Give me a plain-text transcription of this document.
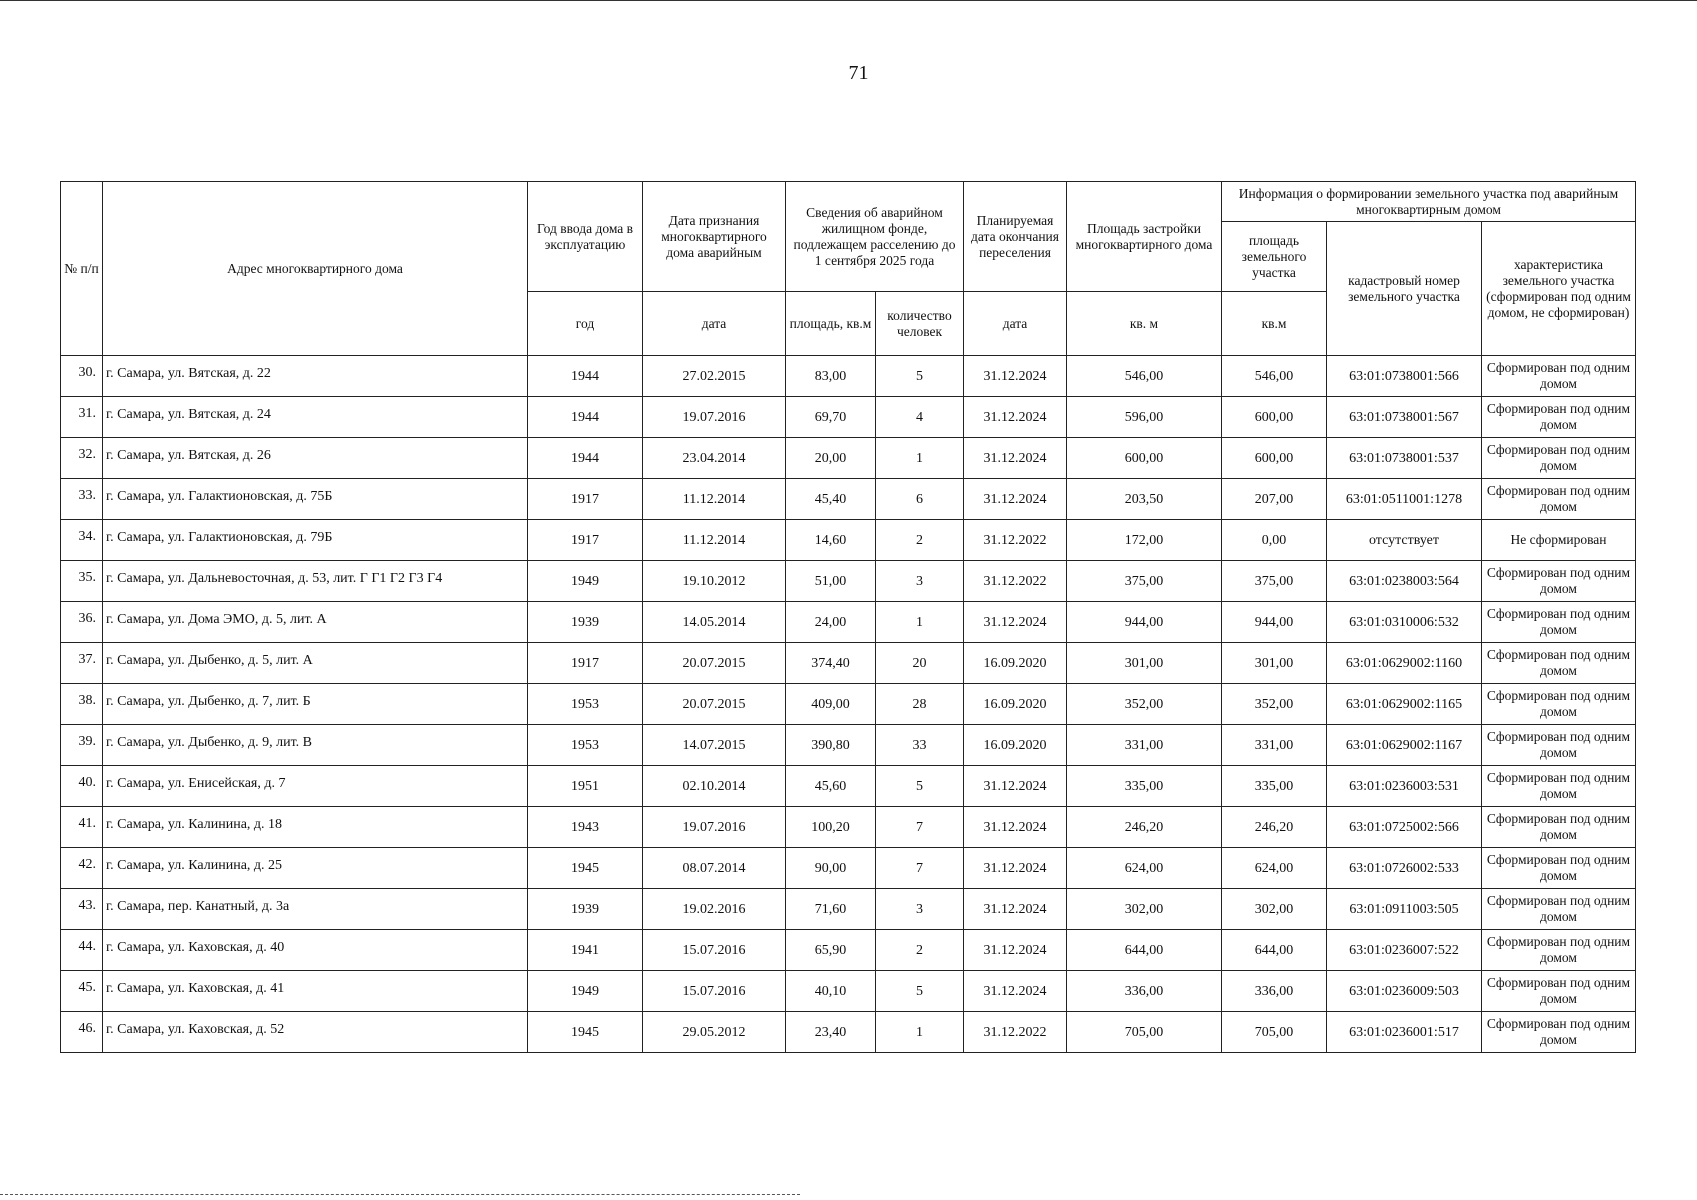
71
№ п/п	Адрес многоквартирного дома	Год ввода дома в эксплуатацию	Дата признания многоквартирного дома аварийным	Сведения об аварийном жилищном фонде, подлежащем расселению до 1 сентября 2025 года		Планируемая дата окончания переселения	Площадь застройки многоквартирного дома	Информация о формировании земельного участка под аварийным многоквартирным домом		
								площадь земельного участка	кадастровый номер земельного участка	характеристика земельного участка (сформирован под одним домом, не сформирован)
		год	дата	площадь, кв.м	количество человек	дата	кв. м	кв.м		
30.	г. Самара, ул. Вятская, д. 22	1944	27.02.2015	83,00	5	31.12.2024	546,00	546,00	63:01:0738001:566	Сформирован под одним домом
31.	г. Самара, ул. Вятская, д. 24	1944	19.07.2016	69,70	4	31.12.2024	596,00	600,00	63:01:0738001:567	Сформирован под одним домом
32.	г. Самара, ул. Вятская, д. 26	1944	23.04.2014	20,00	1	31.12.2024	600,00	600,00	63:01:0738001:537	Сформирован под одним домом
33.	г. Самара, ул. Галактионовская, д. 75Б	1917	11.12.2014	45,40	6	31.12.2024	203,50	207,00	63:01:0511001:1278	Сформирован под одним домом
34.	г. Самара, ул. Галактионовская, д. 79Б	1917	11.12.2014	14,60	2	31.12.2022	172,00	0,00	отсутствует	Не сформирован
35.	г. Самара, ул. Дальневосточная, д. 53, лит. Г Г1 Г2 Г3 Г4	1949	19.10.2012	51,00	3	31.12.2022	375,00	375,00	63:01:0238003:564	Сформирован под одним домом
36.	г. Самара, ул. Дома ЭМО, д. 5, лит. А	1939	14.05.2014	24,00	1	31.12.2024	944,00	944,00	63:01:0310006:532	Сформирован под одним домом
37.	г. Самара, ул. Дыбенко, д. 5, лит. А	1917	20.07.2015	374,40	20	16.09.2020	301,00	301,00	63:01:0629002:1160	Сформирован под одним домом
38.	г. Самара, ул. Дыбенко, д. 7, лит. Б	1953	20.07.2015	409,00	28	16.09.2020	352,00	352,00	63:01:0629002:1165	Сформирован под одним домом
39.	г. Самара, ул. Дыбенко, д. 9, лит. В	1953	14.07.2015	390,80	33	16.09.2020	331,00	331,00	63:01:0629002:1167	Сформирован под одним домом
40.	г. Самара, ул. Енисейская, д. 7	1951	02.10.2014	45,60	5	31.12.2024	335,00	335,00	63:01:0236003:531	Сформирован под одним домом
41.	г. Самара, ул. Калинина, д. 18	1943	19.07.2016	100,20	7	31.12.2024	246,20	246,20	63:01:0725002:566	Сформирован под одним домом
42.	г. Самара, ул. Калинина, д. 25	1945	08.07.2014	90,00	7	31.12.2024	624,00	624,00	63:01:0726002:533	Сформирован под одним домом
43.	г. Самара, пер. Канатный, д. 3а	1939	19.02.2016	71,60	3	31.12.2024	302,00	302,00	63:01:0911003:505	Сформирован под одним домом
44.	г. Самара, ул. Каховская, д. 40	1941	15.07.2016	65,90	2	31.12.2024	644,00	644,00	63:01:0236007:522	Сформирован под одним домом
45.	г. Самара, ул. Каховская, д. 41	1949	15.07.2016	40,10	5	31.12.2024	336,00	336,00	63:01:0236009:503	Сформирован под одним домом
46.	г. Самара, ул. Каховская, д. 52	1945	29.05.2012	23,40	1	31.12.2022	705,00	705,00	63:01:0236001:517	Сформирован под одним домом
